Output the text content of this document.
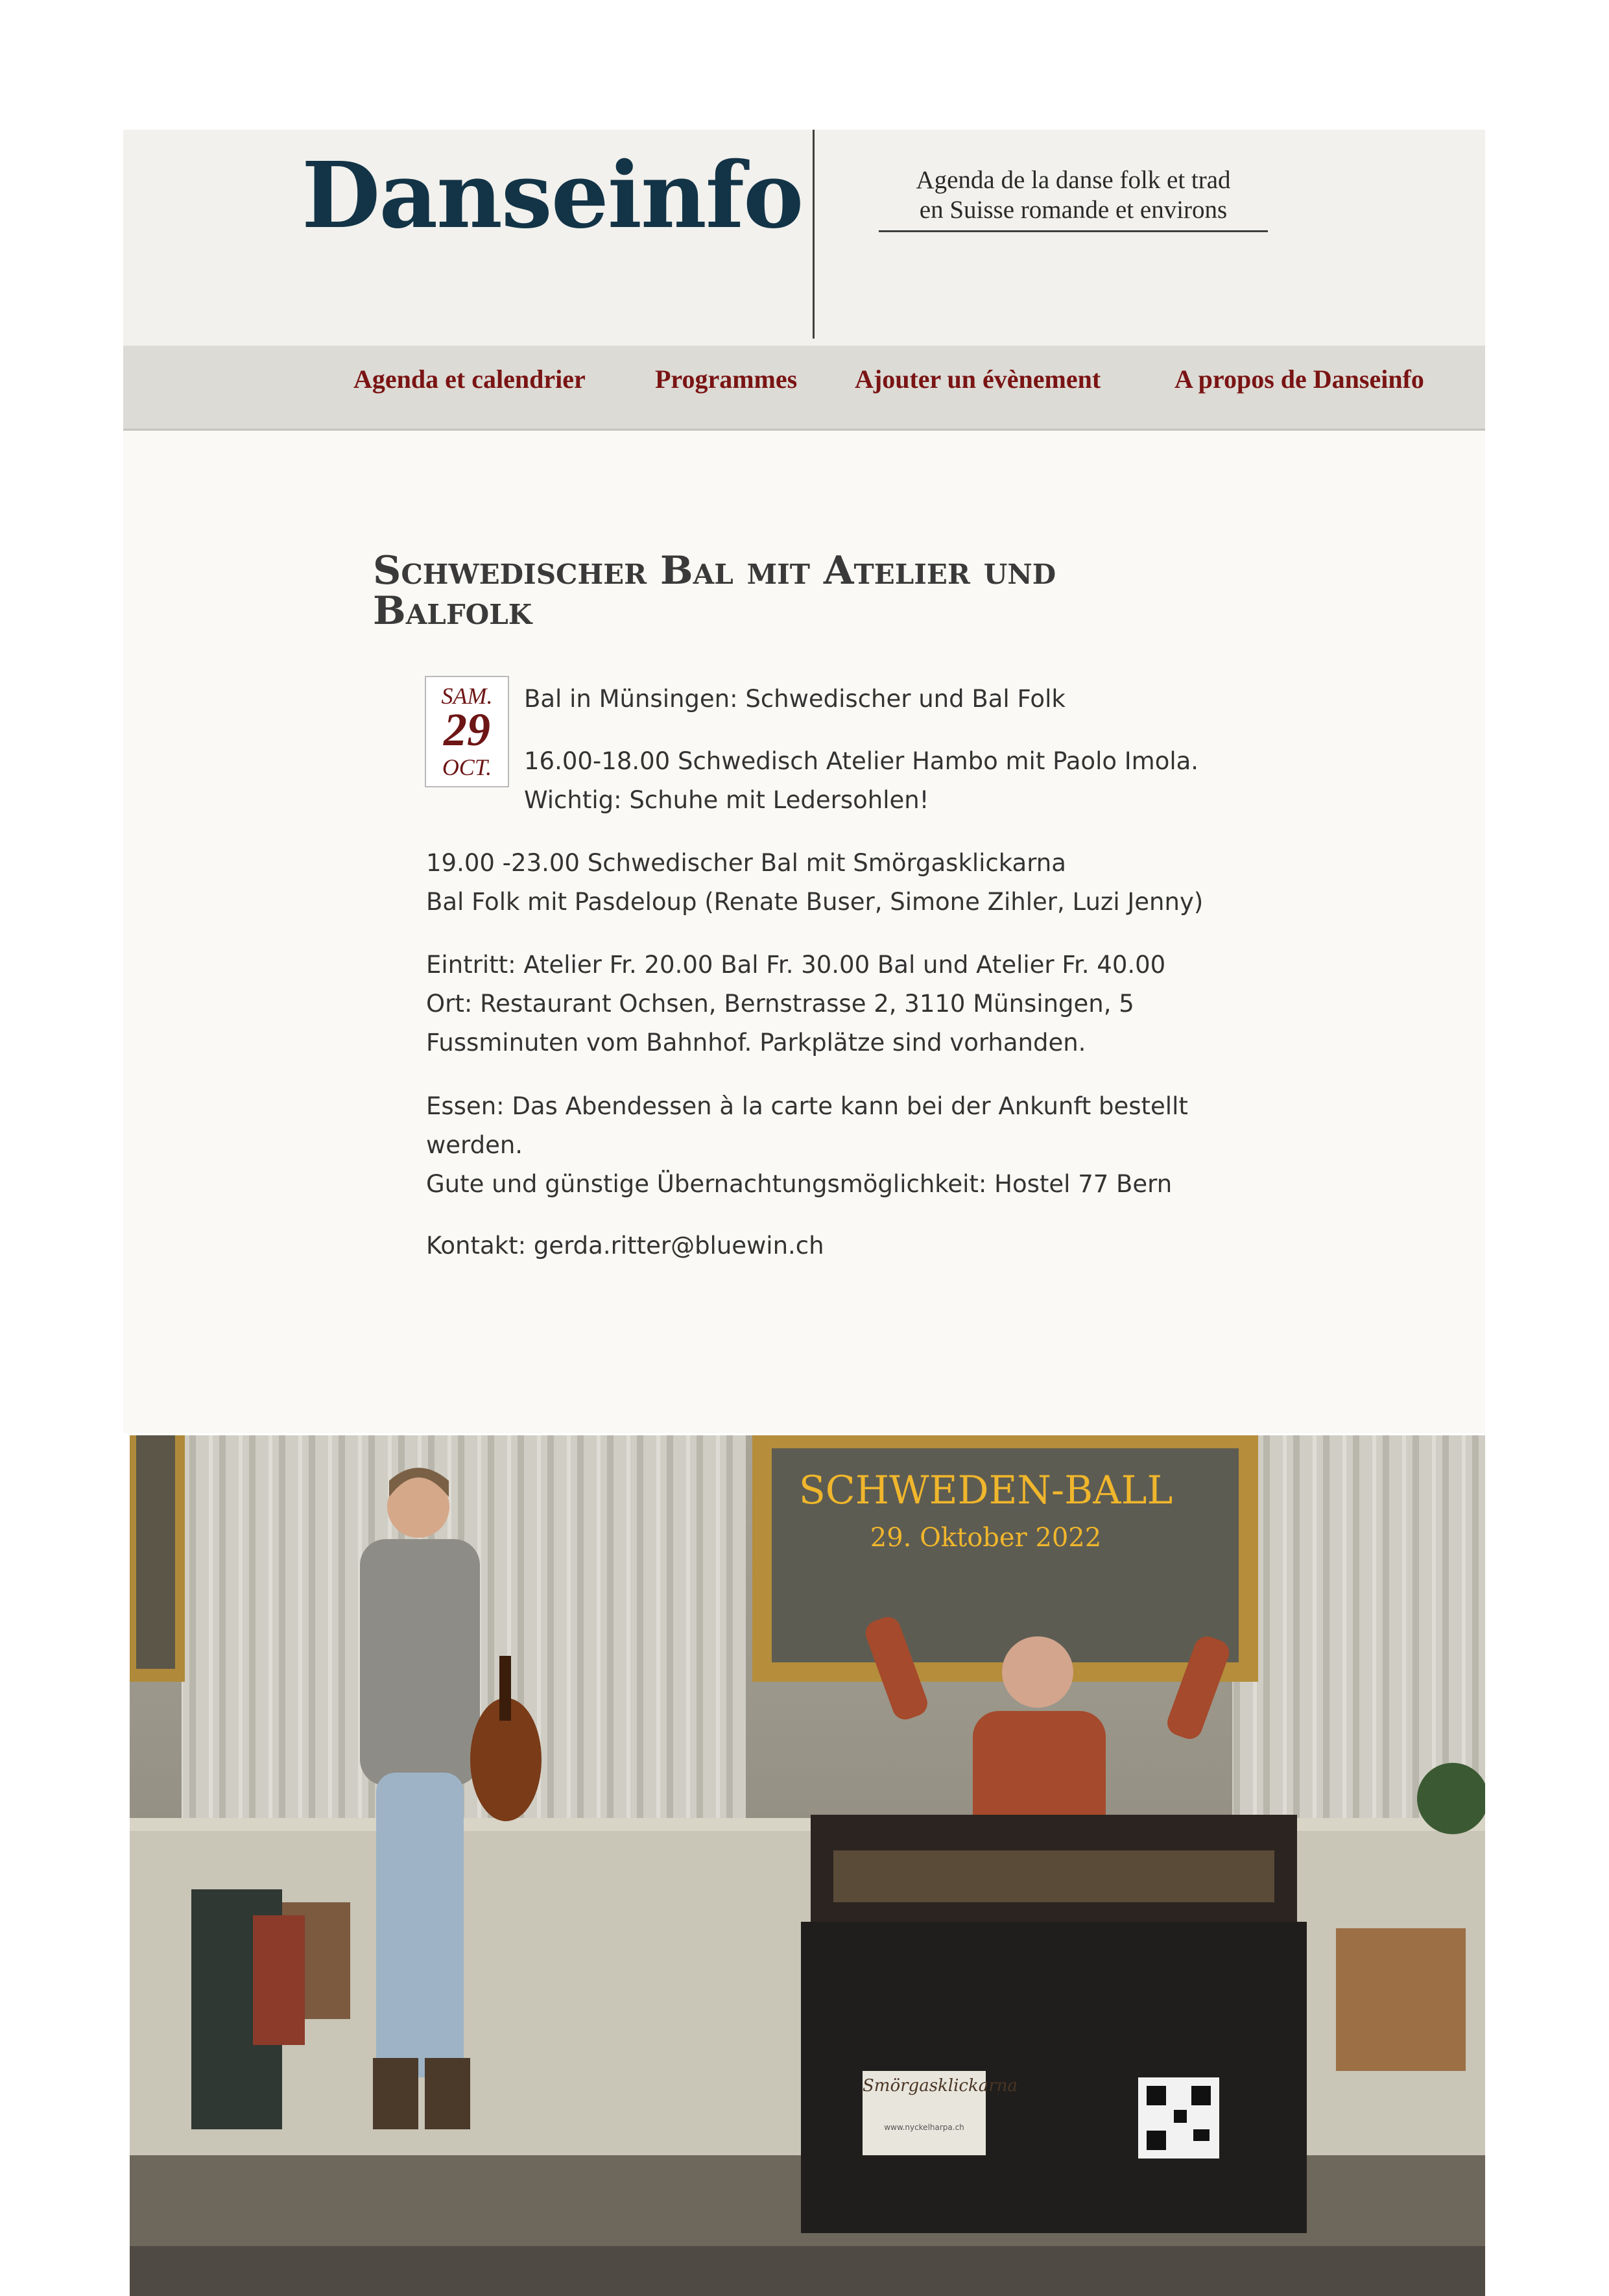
Danseinfo	Agenda de la danse folk et trad
en Suisse romande et environs
Agenda et calendrier	Programmes Ajouter un évènement	A propos de Danseinfo
Schwedischer Bal mit Atelier und
Balfolk
SAM.
29
OCT.
Bal in Münsingen: Schwedischer und Bal Folk
16.00-18.00 Schwedisch Atelier Hambo mit Paolo Imola.
Wichtig: Schuhe mit Ledersohlen!
19.00 -23.00 Schwedischer Bal mit Smörgasklickarna
Bal Folk mit Pasdeloup (Renate Buser, Simone Zihler, Luzi Jenny)
Eintritt: Atelier Fr. 20.00 Bal Fr. 30.00 Bal und Atelier Fr. 40.00
Ort: Restaurant Ochsen, Bernstrasse 2, 3110 Münsingen, 5
Fussminuten vom Bahnhof. Parkplätze sind vorhanden.
Essen: Das Abendessen à la carte kann bei der Ankunft bestellt
werden.
Gute und günstige Übernachtungsmöglichkeit: Hostel 77 Bern
Kontakt: gerda.ritter@bluewin.ch
SCHWEDEN-BALL
29. Oktober 2022
Smörgasklickarna
www.nyckelharpa.ch
